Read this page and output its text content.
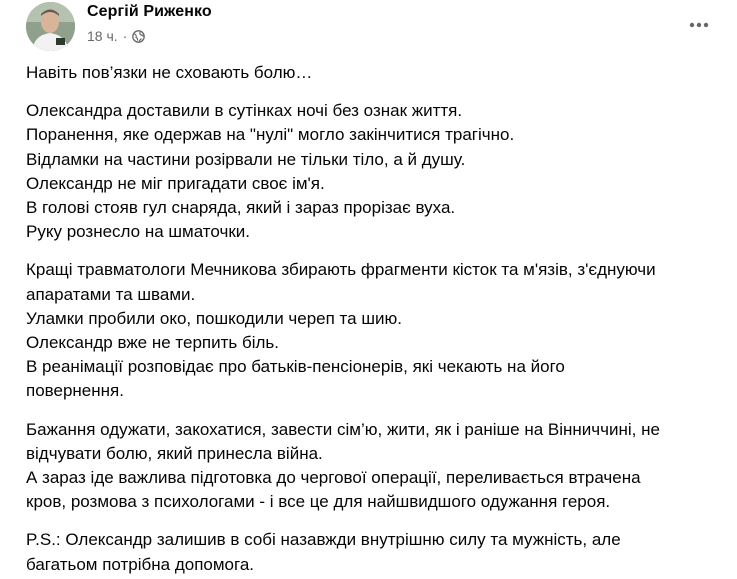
Сергій Риженко
18 ч. ·

Навіть пов’язки не сховають болю…

Олександра доставили в сутінках ночі без ознак життя.
Поранення, яке одержав на "нулі" могло закінчитися трагічно.
Відламки на частини розірвали не тільки тіло, а й душу.
Олександр не міг пригадати своє ім'я.
В голові стояв гул снаряда, який і зараз прорізає вуха.
Руку рознесло на шматочки.

Кращі травматологи Мечникова збирають фрагменти кісток та м'язів, з'єднуючи
апаратами та швами.
Уламки пробили око, пошкодили череп та шию.
Олександр вже не терпить біль.
В реанімації розповідає про батьків-пенсіонерів, які чекають на його
повернення.

Бажання одужати, закохатися, завести сім’ю, жити, як і раніше на Вінниччині, не
відчувати болю, який принесла війна.
А зараз іде важлива підготовка до чергової операції, переливається втрачена
кров, розмова з психологами - і все це для найшвидшого одужання героя.

P.S.: Олександр залишив в собі назавжди внутрішню силу та мужність, але
багатьом потрібна допомога.
